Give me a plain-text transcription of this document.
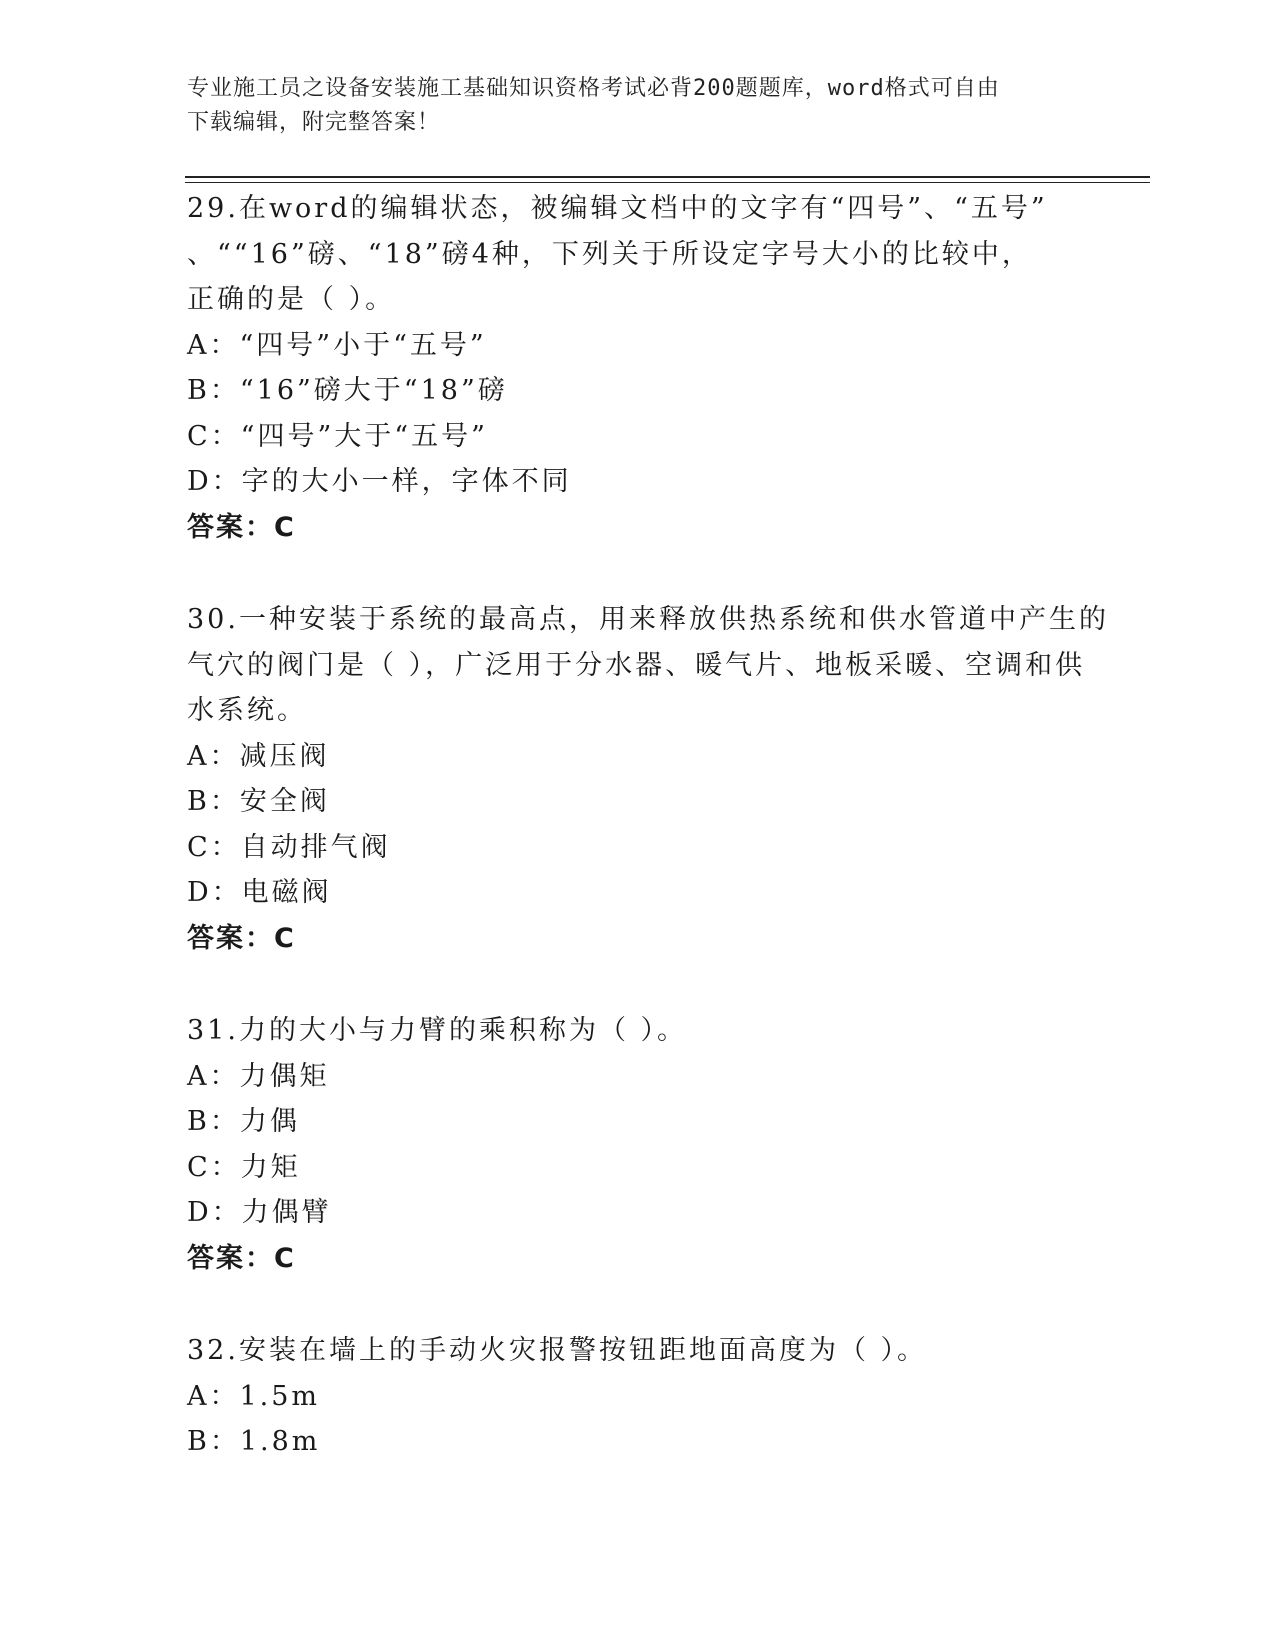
专业施工员之设备安装施工基础知识资格考试必背200题题库，word格式可自由
下载编辑，附完整答案！
29.在word的编辑状态，被编辑文档中的文字有“四号”、“五号”
、““16”磅、“18”磅4种，下列关于所设定字号大小的比较中，
正确的是（ ）。
A：“四号”小于“五号”
B：“16”磅大于“18”磅
C：“四号”大于“五号”
D：字的大小一样，字体不同
答案：C
30.一种安装于系统的最高点，用来释放供热系统和供水管道中产生的
气穴的阀门是（ ），广泛用于分水器、暖气片、地板采暖、空调和供
水系统。
A：减压阀
B：安全阀
C：自动排气阀
D：电磁阀
答案：C
31.力的大小与力臂的乘积称为（ ）。
A：力偶矩
B：力偶
C：力矩
D：力偶臂
答案：C
32.安装在墙上的手动火灾报警按钮距地面高度为（ ）。
A：1.5m
B：1.8m
